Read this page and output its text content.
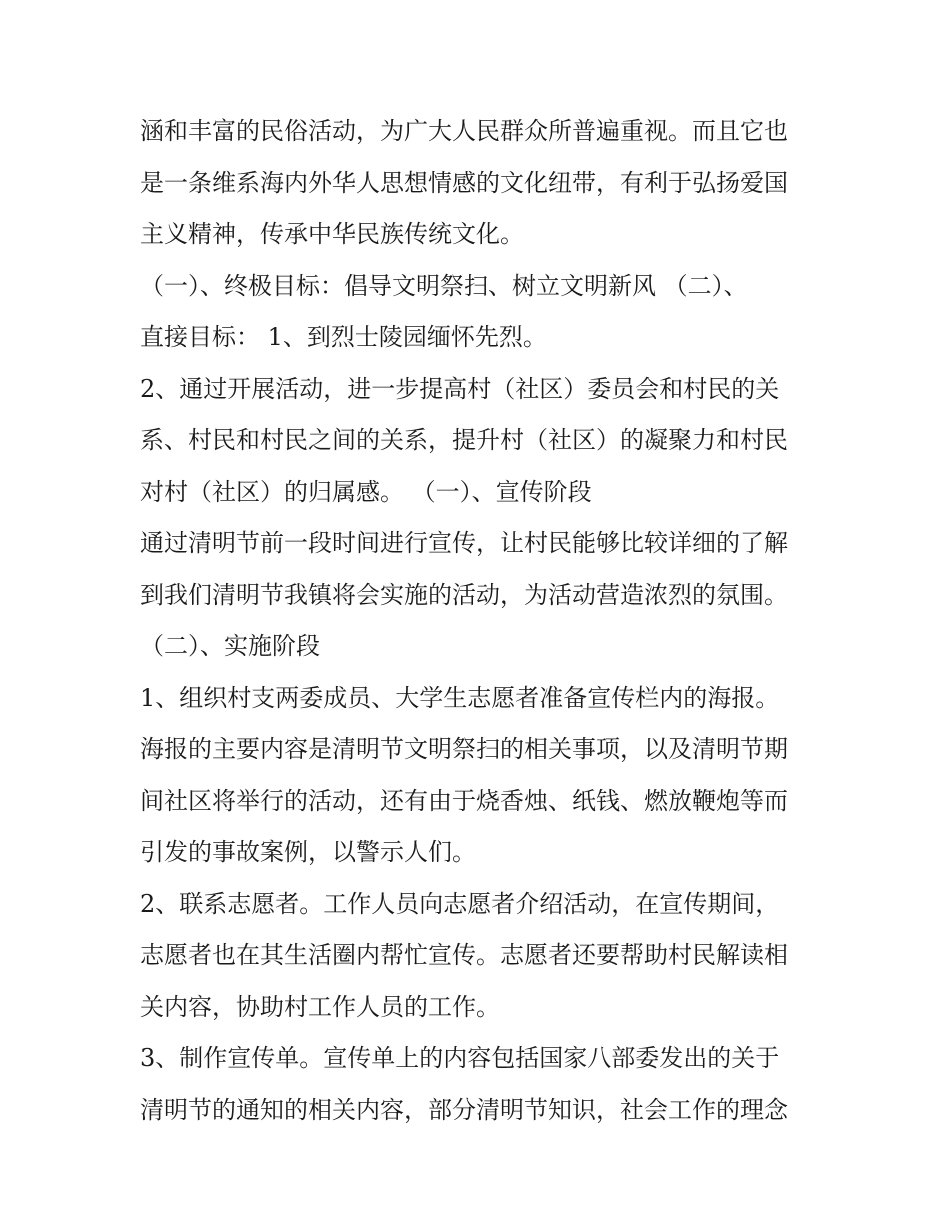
涵和丰富的民俗活动，为广大人民群众所普遍重视。而且它也
是一条维系海内外华人思想情感的文化纽带，有利于弘扬爱国
主义精神，传承中华民族传统文化。
（一）、终极目标：倡导文明祭扫、树立文明新风 （二）、
直接目标： 1、到烈士陵园缅怀先烈。
2、通过开展活动，进一步提高村（社区）委员会和村民的关
系、村民和村民之间的关系，提升村（社区）的凝聚力和村民
对村（社区）的归属感。 （一）、宣传阶段
通过清明节前一段时间进行宣传，让村民能够比较详细的了解
到我们清明节我镇将会实施的活动，为活动营造浓烈的氛围。
（二）、实施阶段
1、组织村支两委成员、大学生志愿者准备宣传栏内的海报。
海报的主要内容是清明节文明祭扫的相关事项，以及清明节期
间社区将举行的活动，还有由于烧香烛、纸钱、燃放鞭炮等而
引发的事故案例，以警示人们。
2、联系志愿者。工作人员向志愿者介绍活动，在宣传期间，
志愿者也在其生活圈内帮忙宣传。志愿者还要帮助村民解读相
关内容，协助村工作人员的工作。
3、制作宣传单。宣传单上的内容包括国家八部委发出的关于
清明节的通知的相关内容，部分清明节知识，社会工作的理念
